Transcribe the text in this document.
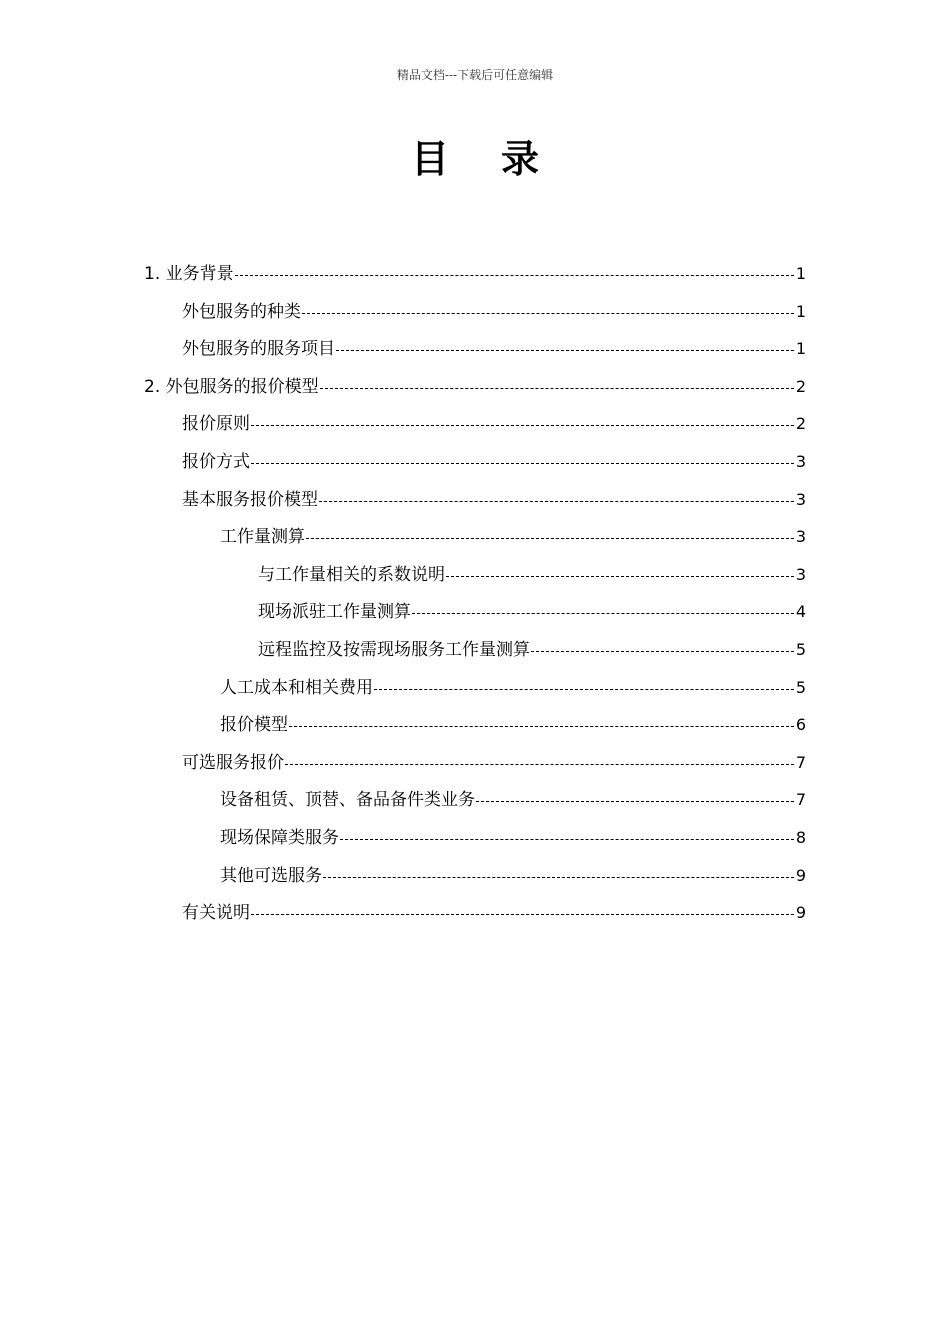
精品文档---下载后可任意编辑
目录
1. 业务背景	1
外包服务的种类	1
外包服务的服务项目	1
2. 外包服务的报价模型	2
报价原则	2
报价方式	3
基本服务报价模型	3
工作量测算	3
与工作量相关的系数说明	3
现场派驻工作量测算	4
远程监控及按需现场服务工作量测算	5
人工成本和相关费用	5
报价模型	6
可选服务报价	7
设备租赁、顶替、备品备件类业务	7
现场保障类服务	8
其他可选服务	9
有关说明	9
